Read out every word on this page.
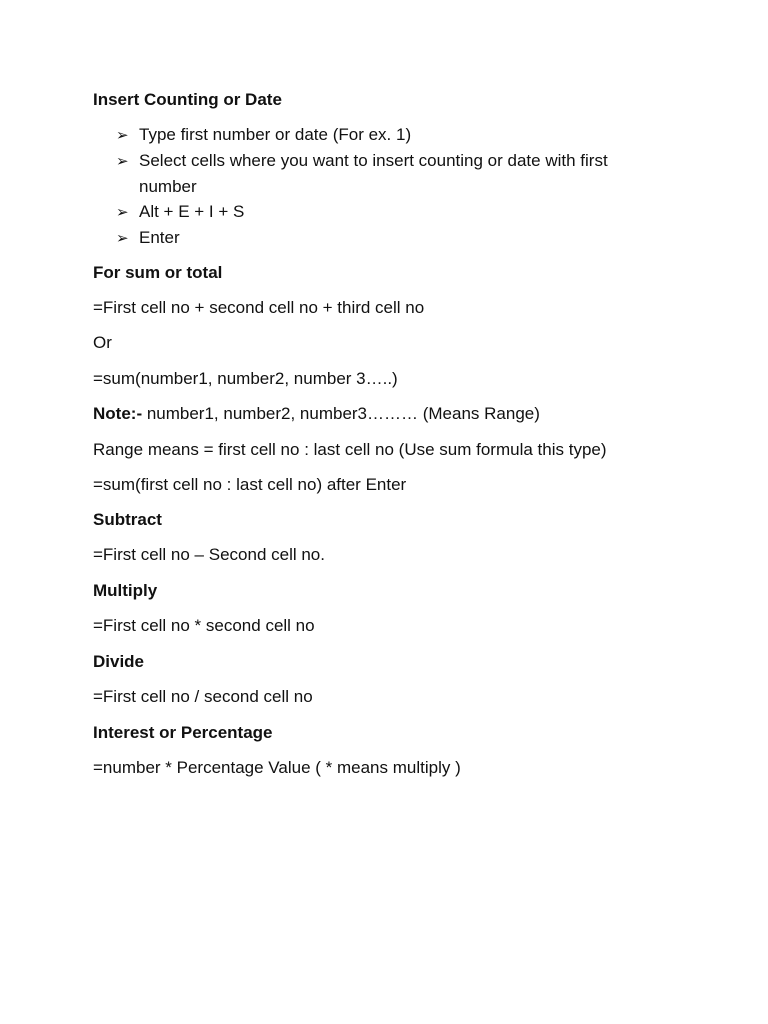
Insert Counting or Date
➢ Type first number or date (For ex. 1)
➢ Select cells where you want to insert counting or date with first
number
➢ Alt + E + I + S
➢ Enter
For sum or total
=First cell no + second cell no + third cell no
Or
=sum(number1, number2, number 3…..)
Note:- number1, number2, number3……… (Means Range)
Range means = first cell no : last cell no (Use sum formula this type)
=sum(first cell no : last cell no) after Enter
Subtract
=First cell no – Second cell no.
Multiply
=First cell no * second cell no
Divide
=First cell no / second cell no
Interest or Percentage
=number * Percentage Value ( * means multiply )
